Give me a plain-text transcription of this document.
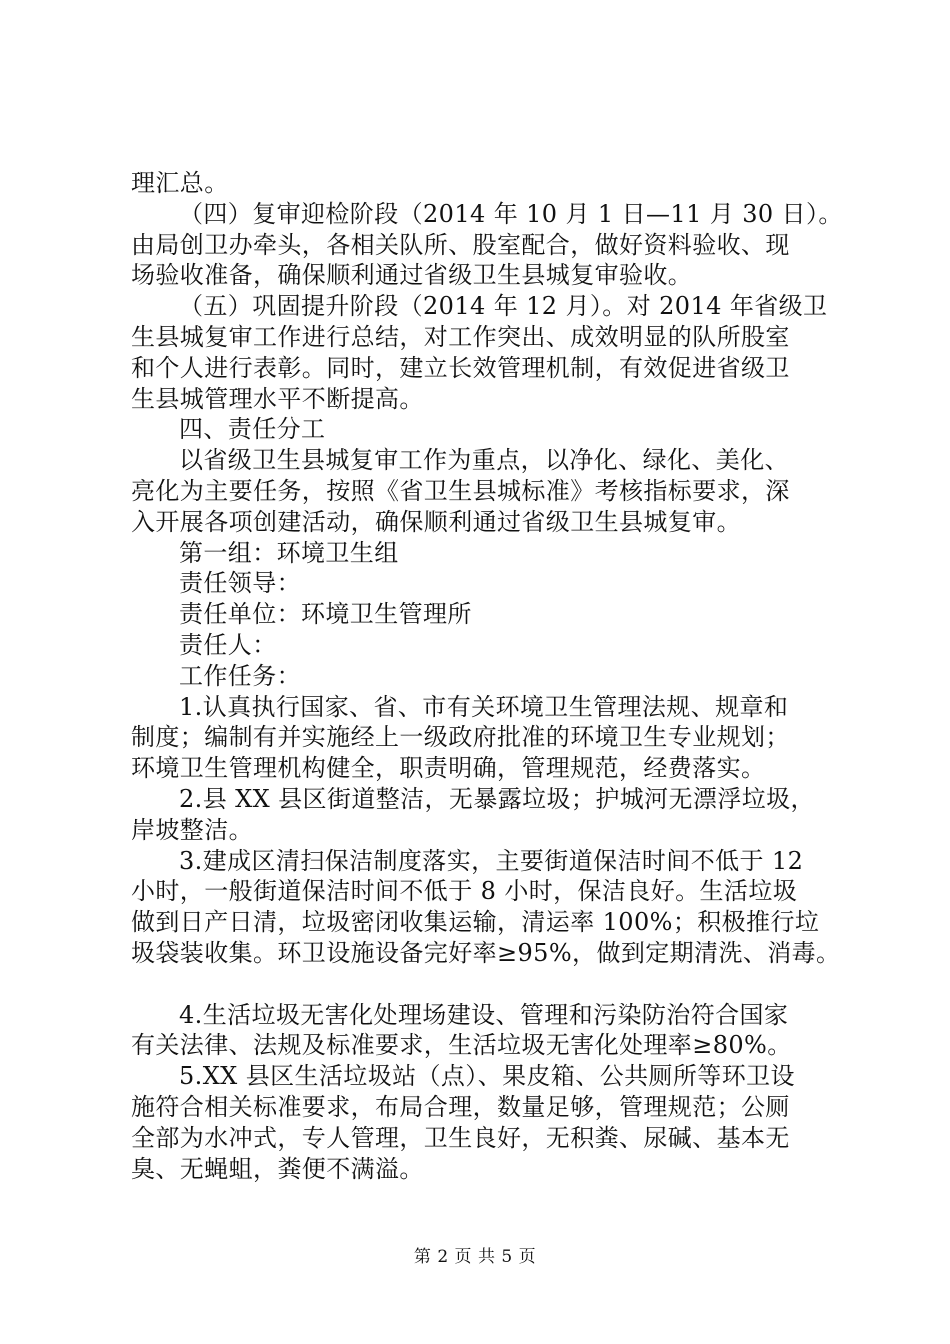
理汇总。
（四）复审迎检阶段（2014 年 10 月 1 日—11 月 30 日）。
由局创卫办牵头，各相关队所、股室配合，做好资料验收、现
场验收准备，确保顺利通过省级卫生县城复审验收。
（五）巩固提升阶段（2014 年 12 月）。对 2014 年省级卫
生县城复审工作进行总结，对工作突出、成效明显的队所股室
和个人进行表彰。同时，建立长效管理机制，有效促进省级卫
生县城管理水平不断提高。
四、责任分工
以省级卫生县城复审工作为重点，以净化、绿化、美化、
亮化为主要任务，按照《省卫生县城标准》考核指标要求，深
入开展各项创建活动，确保顺利通过省级卫生县城复审。
第一组：环境卫生组
责任领导：
责任单位：环境卫生管理所
责任人：
工作任务：
1.认真执行国家、省、市有关环境卫生管理法规、规章和
制度；编制有并实施经上一级政府批准的环境卫生专业规划；
环境卫生管理机构健全，职责明确，管理规范，经费落实。
2.县 XX 县区街道整洁，无暴露垃圾；护城河无漂浮垃圾，
岸坡整洁。
3.建成区清扫保洁制度落实，主要街道保洁时间不低于 12
小时，一般街道保洁时间不低于 8 小时，保洁良好。生活垃圾
做到日产日清，垃圾密闭收集运输，清运率 100%；积极推行垃
圾袋装收集。环卫设施设备完好率≥95%，做到定期清洗、消毒。
4.生活垃圾无害化处理场建设、管理和污染防治符合国家
有关法律、法规及标准要求，生活垃圾无害化处理率≥80%。
5.XX 县区生活垃圾站（点）、果皮箱、公共厕所等环卫设
施符合相关标准要求，布局合理，数量足够，管理规范；公厕
全部为水冲式，专人管理，卫生良好，无积粪、尿碱、基本无
臭、无蝇蛆，粪便不满溢。
第 2 页 共 5 页
